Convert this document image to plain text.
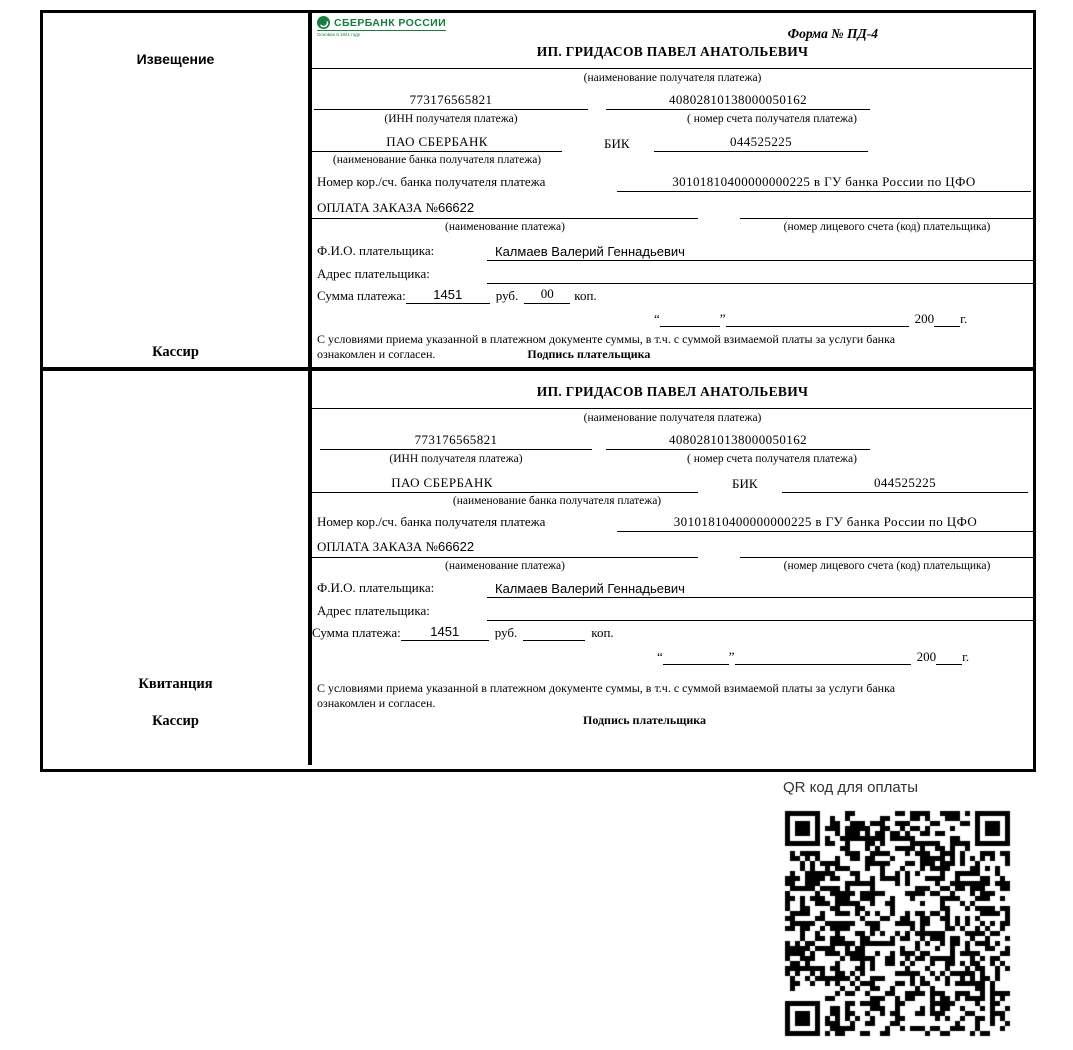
Извещение
Кассир
СБЕРБАНК РОССИИ
Основан в 1841 году	Форма № ПД-4
ИП. ГРИДАСОВ ПАВЕЛ АНАТОЛЬЕВИЧ
(наименование получателя платежа)
773176565821	40802810138000050162
(ИНН получателя платежа)	( номер счета получателя платежа)
ПАО СБЕРБАНК	БИК	044525225
(наименование банка получателя платежа)
Номер кор./сч. банка получателя платежа	30101810400000000225 в ГУ банка России по ЦФО
ОПЛАТА ЗАКАЗА №66622
(наименование платежа)	(номер лицевого счета (код) плательщика)
Ф.И.О. плательщика:	Калмаев Валерий Геннадьевич
Адрес плательщика:
Сумма платежа:	1451	руб.	00	коп.
“	”	200 г.
С условиями приема указанной в платежном документе суммы, в т.ч. с суммой взимаемой платы за услуги банка
ознакомлен и согласен.	Подпись плательщика
Квитанция
Кассир
ИП. ГРИДАСОВ ПАВЕЛ АНАТОЛЬЕВИЧ
(наименование получателя платежа)
773176565821	40802810138000050162
(ИНН получателя платежа)	( номер счета получателя платежа)
ПАО СБЕРБАНК	БИК	044525225
(наименование банка получателя платежа)
Номер кор./сч. банка получателя платежа	30101810400000000225 в ГУ банка России по ЦФО
ОПЛАТА ЗАКАЗА №66622
(наименование платежа)	(номер лицевого счета (код) плательщика)
Ф.И.О. плательщика:	Калмаев Валерий Геннадьевич
Адрес плательщика:
Сумма платежа:	1451	руб.	коп.
“	”	200 г.
С условиями приема указанной в платежном документе суммы, в т.ч. с суммой взимаемой платы за услуги банка
ознакомлен и согласен.
Подпись плательщика
QR код для оплаты
